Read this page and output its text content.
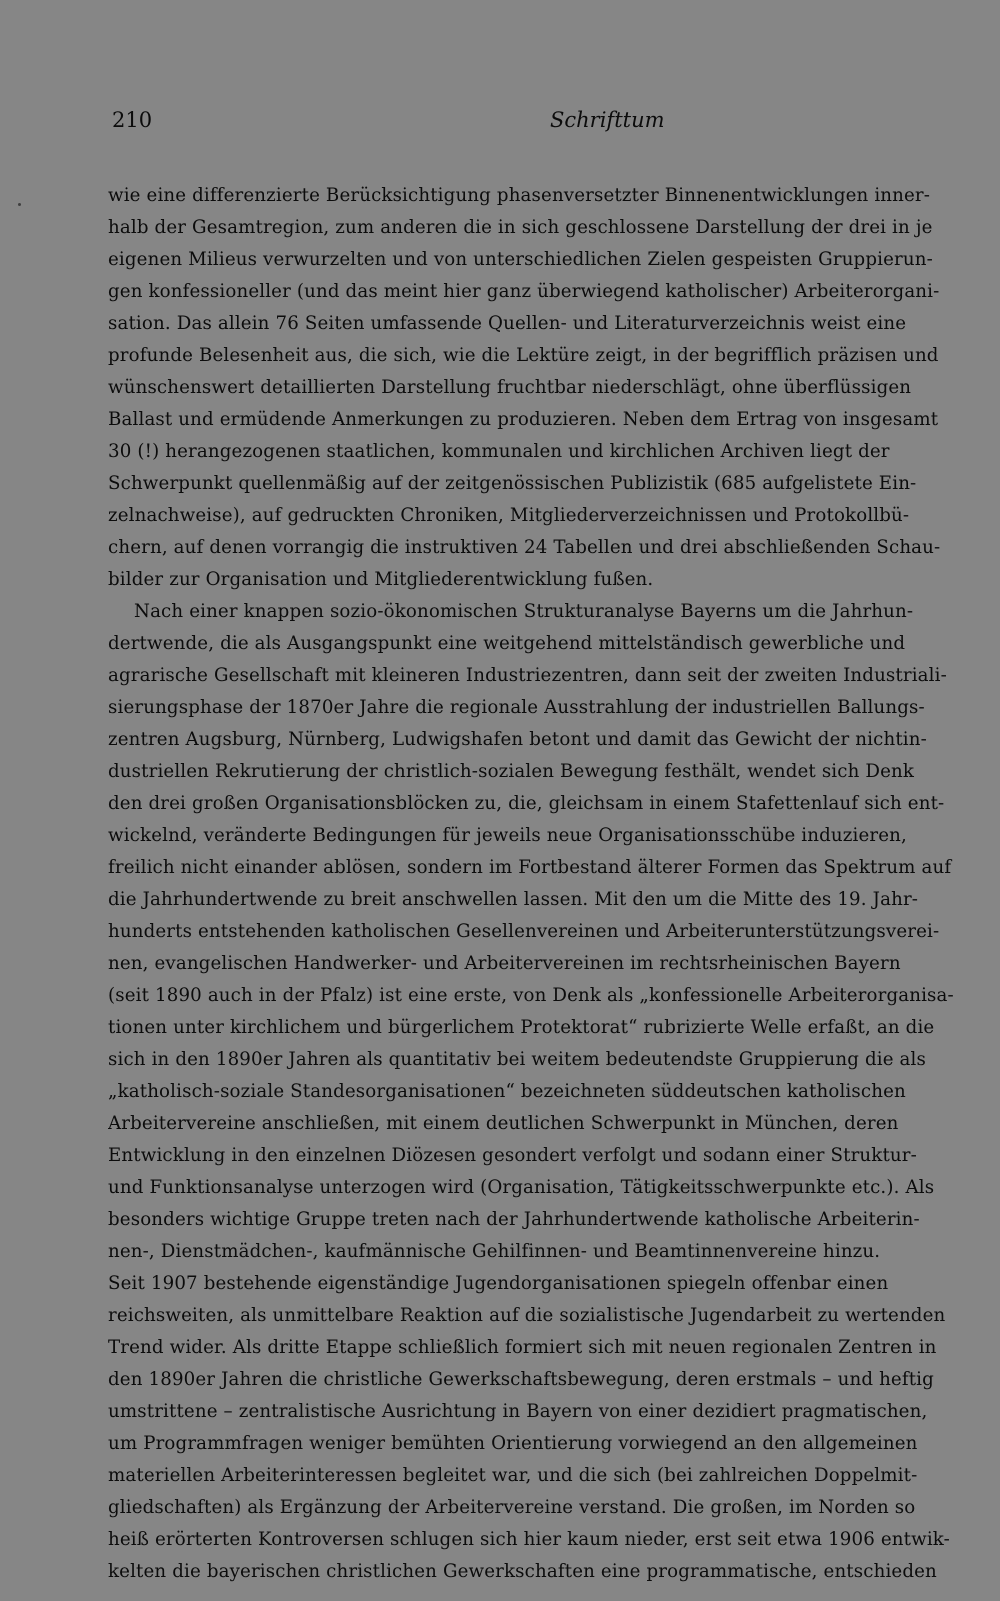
210	Schrifttum
wie eine differenzierte Berücksichtigung phasenversetzter Binnenentwicklungen inner-
halb der Gesamtregion, zum anderen die in sich geschlossene Darstellung der drei in je
eigenen Milieus verwurzelten und von unterschiedlichen Zielen gespeisten Gruppierun-
gen konfessioneller (und das meint hier ganz überwiegend katholischer) Arbeiterorgani-
sation. Das allein 76 Seiten umfassende Quellen- und Literaturverzeichnis weist eine
profunde Belesenheit aus, die sich, wie die Lektüre zeigt, in der begrifflich präzisen und
wünschenswert detaillierten Darstellung fruchtbar niederschlägt, ohne überflüssigen
Ballast und ermüdende Anmerkungen zu produzieren. Neben dem Ertrag von insgesamt
30 (!) herangezogenen staatlichen, kommunalen und kirchlichen Archiven liegt der
Schwerpunkt quellenmäßig auf der zeitgenössischen Publizistik (685 aufgelistete Ein-
zelnachweise), auf gedruckten Chroniken, Mitgliederverzeichnissen und Protokollbü-
chern, auf denen vorrangig die instruktiven 24 Tabellen und drei abschließenden Schau-
bilder zur Organisation und Mitgliederentwicklung fußen.
Nach einer knappen sozio-ökonomischen Strukturanalyse Bayerns um die Jahrhun-
dertwende, die als Ausgangspunkt eine weitgehend mittelständisch gewerbliche und
agrarische Gesellschaft mit kleineren Industriezentren, dann seit der zweiten Industriali-
sierungsphase der 1870er Jahre die regionale Ausstrahlung der industriellen Ballungs-
zentren Augsburg, Nürnberg, Ludwigshafen betont und damit das Gewicht der nichtin-
dustriellen Rekrutierung der christlich-sozialen Bewegung festhält, wendet sich Denk
den drei großen Organisationsblöcken zu, die, gleichsam in einem Stafettenlauf sich ent-
wickelnd, veränderte Bedingungen für jeweils neue Organisationsschübe induzieren,
freilich nicht einander ablösen, sondern im Fortbestand älterer Formen das Spektrum auf
die Jahrhundertwende zu breit anschwellen lassen. Mit den um die Mitte des 19. Jahr-
hunderts entstehenden katholischen Gesellenvereinen und Arbeiterunterstützungsverei-
nen, evangelischen Handwerker- und Arbeitervereinen im rechtsrheinischen Bayern
(seit 1890 auch in der Pfalz) ist eine erste, von Denk als „konfessionelle Arbeiterorganisa-
tionen unter kirchlichem und bürgerlichem Protektorat“ rubrizierte Welle erfaßt, an die
sich in den 1890er Jahren als quantitativ bei weitem bedeutendste Gruppierung die als
„katholisch-soziale Standesorganisationen“ bezeichneten süddeutschen katholischen
Arbeitervereine anschließen, mit einem deutlichen Schwerpunkt in München, deren
Entwicklung in den einzelnen Diözesen gesondert verfolgt und sodann einer Struktur-
und Funktionsanalyse unterzogen wird (Organisation, Tätigkeitsschwerpunkte etc.). Als
besonders wichtige Gruppe treten nach der Jahrhundertwende katholische Arbeiterin-
nen-, Dienstmädchen-, kaufmännische Gehilfinnen- und Beamtinnenvereine hinzu.
Seit 1907 bestehende eigenständige Jugendorganisationen spiegeln offenbar einen
reichsweiten, als unmittelbare Reaktion auf die sozialistische Jugendarbeit zu wertenden
Trend wider. Als dritte Etappe schließlich formiert sich mit neuen regionalen Zentren in
den 1890er Jahren die christliche Gewerkschaftsbewegung, deren erstmals – und heftig
umstrittene – zentralistische Ausrichtung in Bayern von einer dezidiert pragmatischen,
um Programmfragen weniger bemühten Orientierung vorwiegend an den allgemeinen
materiellen Arbeiterinteressen begleitet war, und die sich (bei zahlreichen Doppelmit-
gliedschaften) als Ergänzung der Arbeitervereine verstand. Die großen, im Norden so
heiß erörterten Kontroversen schlugen sich hier kaum nieder, erst seit etwa 1906 entwik-
kelten die bayerischen christlichen Gewerkschaften eine programmatische, entschieden
